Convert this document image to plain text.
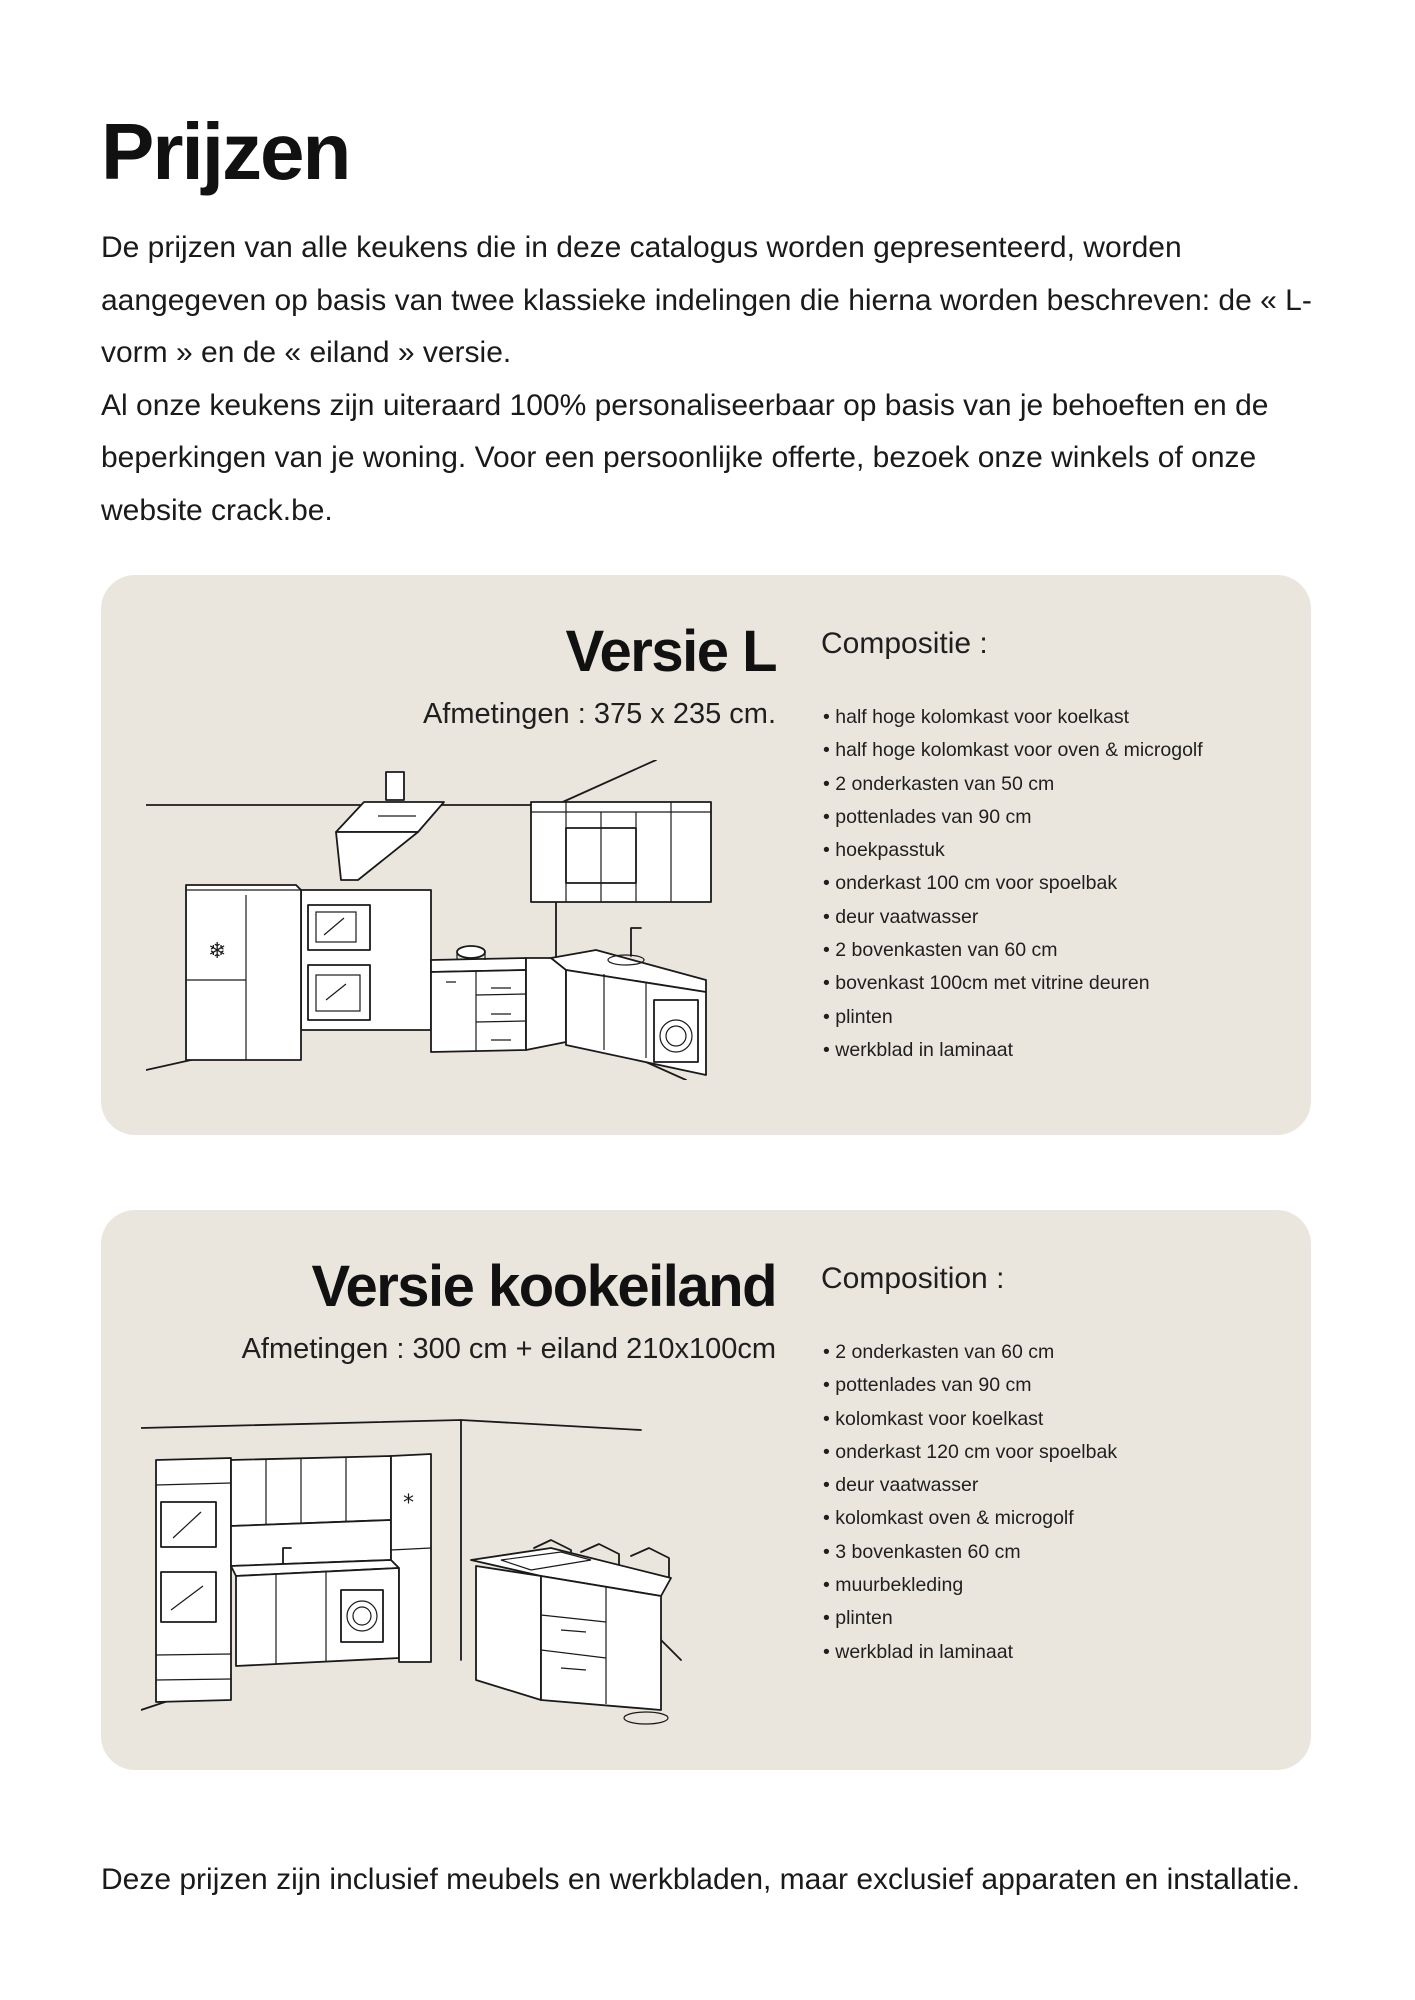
Prijzen

De prijzen van alle keukens die in deze catalogus worden gepresenteerd, worden aangegeven op basis van twee klassieke indelingen die hierna worden beschreven: de « L-vorm » en de « eiland » versie.

Al onze keukens zijn uiteraard 100% personaliseerbaar op basis van je behoeften en de beperkingen van je woning. Voor een persoonlijke offerte, bezoek onze winkels of onze website crack.be.

Versie L
Afmetingen : 375 x 235 cm.
Compositie :
• half hoge kolomkast voor koelkast
• half hoge kolomkast voor oven & microgolf
• 2 onderkasten van 50 cm
• pottenlades van 90 cm
• hoekpasstuk
• onderkast 100 cm voor spoelbak
• deur vaatwasser
• 2 bovenkasten van 60 cm
• bovenkast 100cm met vitrine deuren
• plinten
• werkblad in laminaat
❄
Versie kookeiland
Afmetingen : 300 cm + eiland 210x100cm
Composition :
• 2 onderkasten van 60 cm
• pottenlades van 90 cm
• kolomkast voor koelkast
• onderkast 120 cm voor spoelbak
• deur vaatwasser
• kolomkast oven & microgolf
• 3 bovenkasten 60 cm
• muurbekleding
• plinten
• werkblad in laminaat
*
Deze prijzen zijn inclusief meubels en werkbladen, maar exclusief apparaten en installatie.
